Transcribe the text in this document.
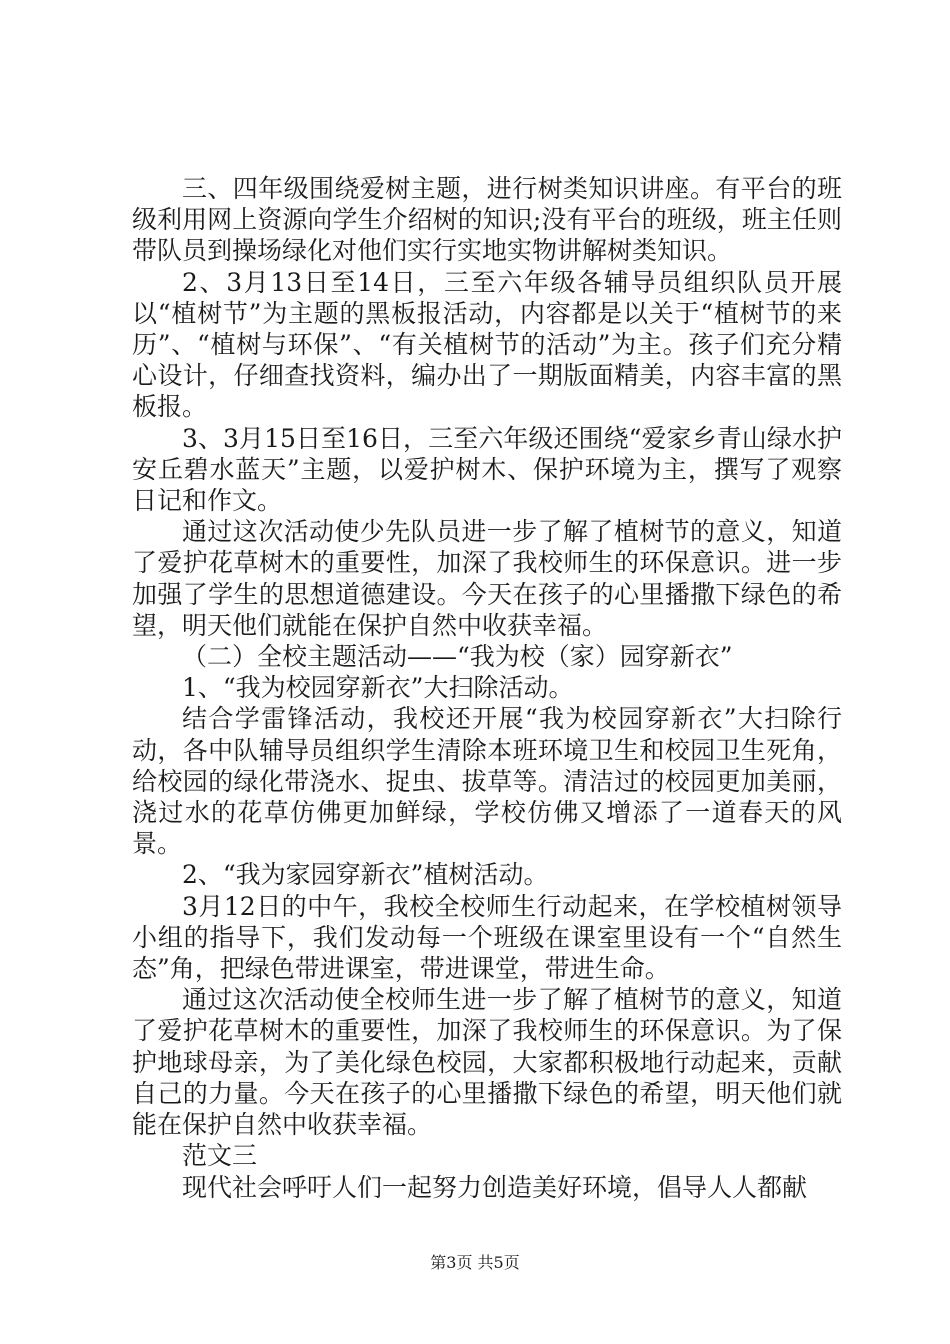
三、四年级围绕爱树主题，进行树类知识讲座。有平台的班级利用网上资源向学生介绍树的知识;没有平台的班级，班主任则带队员到操场绿化对他们实行实地实物讲解树类知识。

2、3月13日至14日，三至六年级各辅导员组织队员开展以“植树节”为主题的黑板报活动，内容都是以关于“植树节的来历”、“植树与环保”、“有关植树节的活动”为主。孩子们充分精心设计，仔细查找资料，编办出了一期版面精美，内容丰富的黑板报。

3、3月15日至16日，三至六年级还围绕“爱家乡青山绿水护安丘碧水蓝天”主题，以爱护树木、保护环境为主，撰写了观察日记和作文。

通过这次活动使少先队员进一步了解了植树节的意义，知道了爱护花草树木的重要性，加深了我校师生的环保意识。进一步加强了学生的思想道德建设。今天在孩子的心里播撒下绿色的希望，明天他们就能在保护自然中收获幸福。

（二）全校主题活动——“我为校（家）园穿新衣”

1、“我为校园穿新衣”大扫除活动。

结合学雷锋活动，我校还开展“我为校园穿新衣”大扫除行动，各中队辅导员组织学生清除本班环境卫生和校园卫生死角，给校园的绿化带浇水、捉虫、拔草等。清洁过的校园更加美丽，浇过水的花草仿佛更加鲜绿，学校仿佛又增添了一道春天的风景。

2、“我为家园穿新衣”植树活动。

3月12日的中午，我校全校师生行动起来，在学校植树领导小组的指导下，我们发动每一个班级在课室里设有一个“自然生态”角，把绿色带进课室，带进课堂，带进生命。

通过这次活动使全校师生进一步了解了植树节的意义，知道了爱护花草树木的重要性，加深了我校师生的环保意识。为了保护地球母亲，为了美化绿色校园，大家都积极地行动起来，贡献自己的力量。今天在孩子的心里播撒下绿色的希望，明天他们就能在保护自然中收获幸福。

范文三

现代社会呼吁人们一起努力创造美好环境，倡导人人都献

第3页 共5页
